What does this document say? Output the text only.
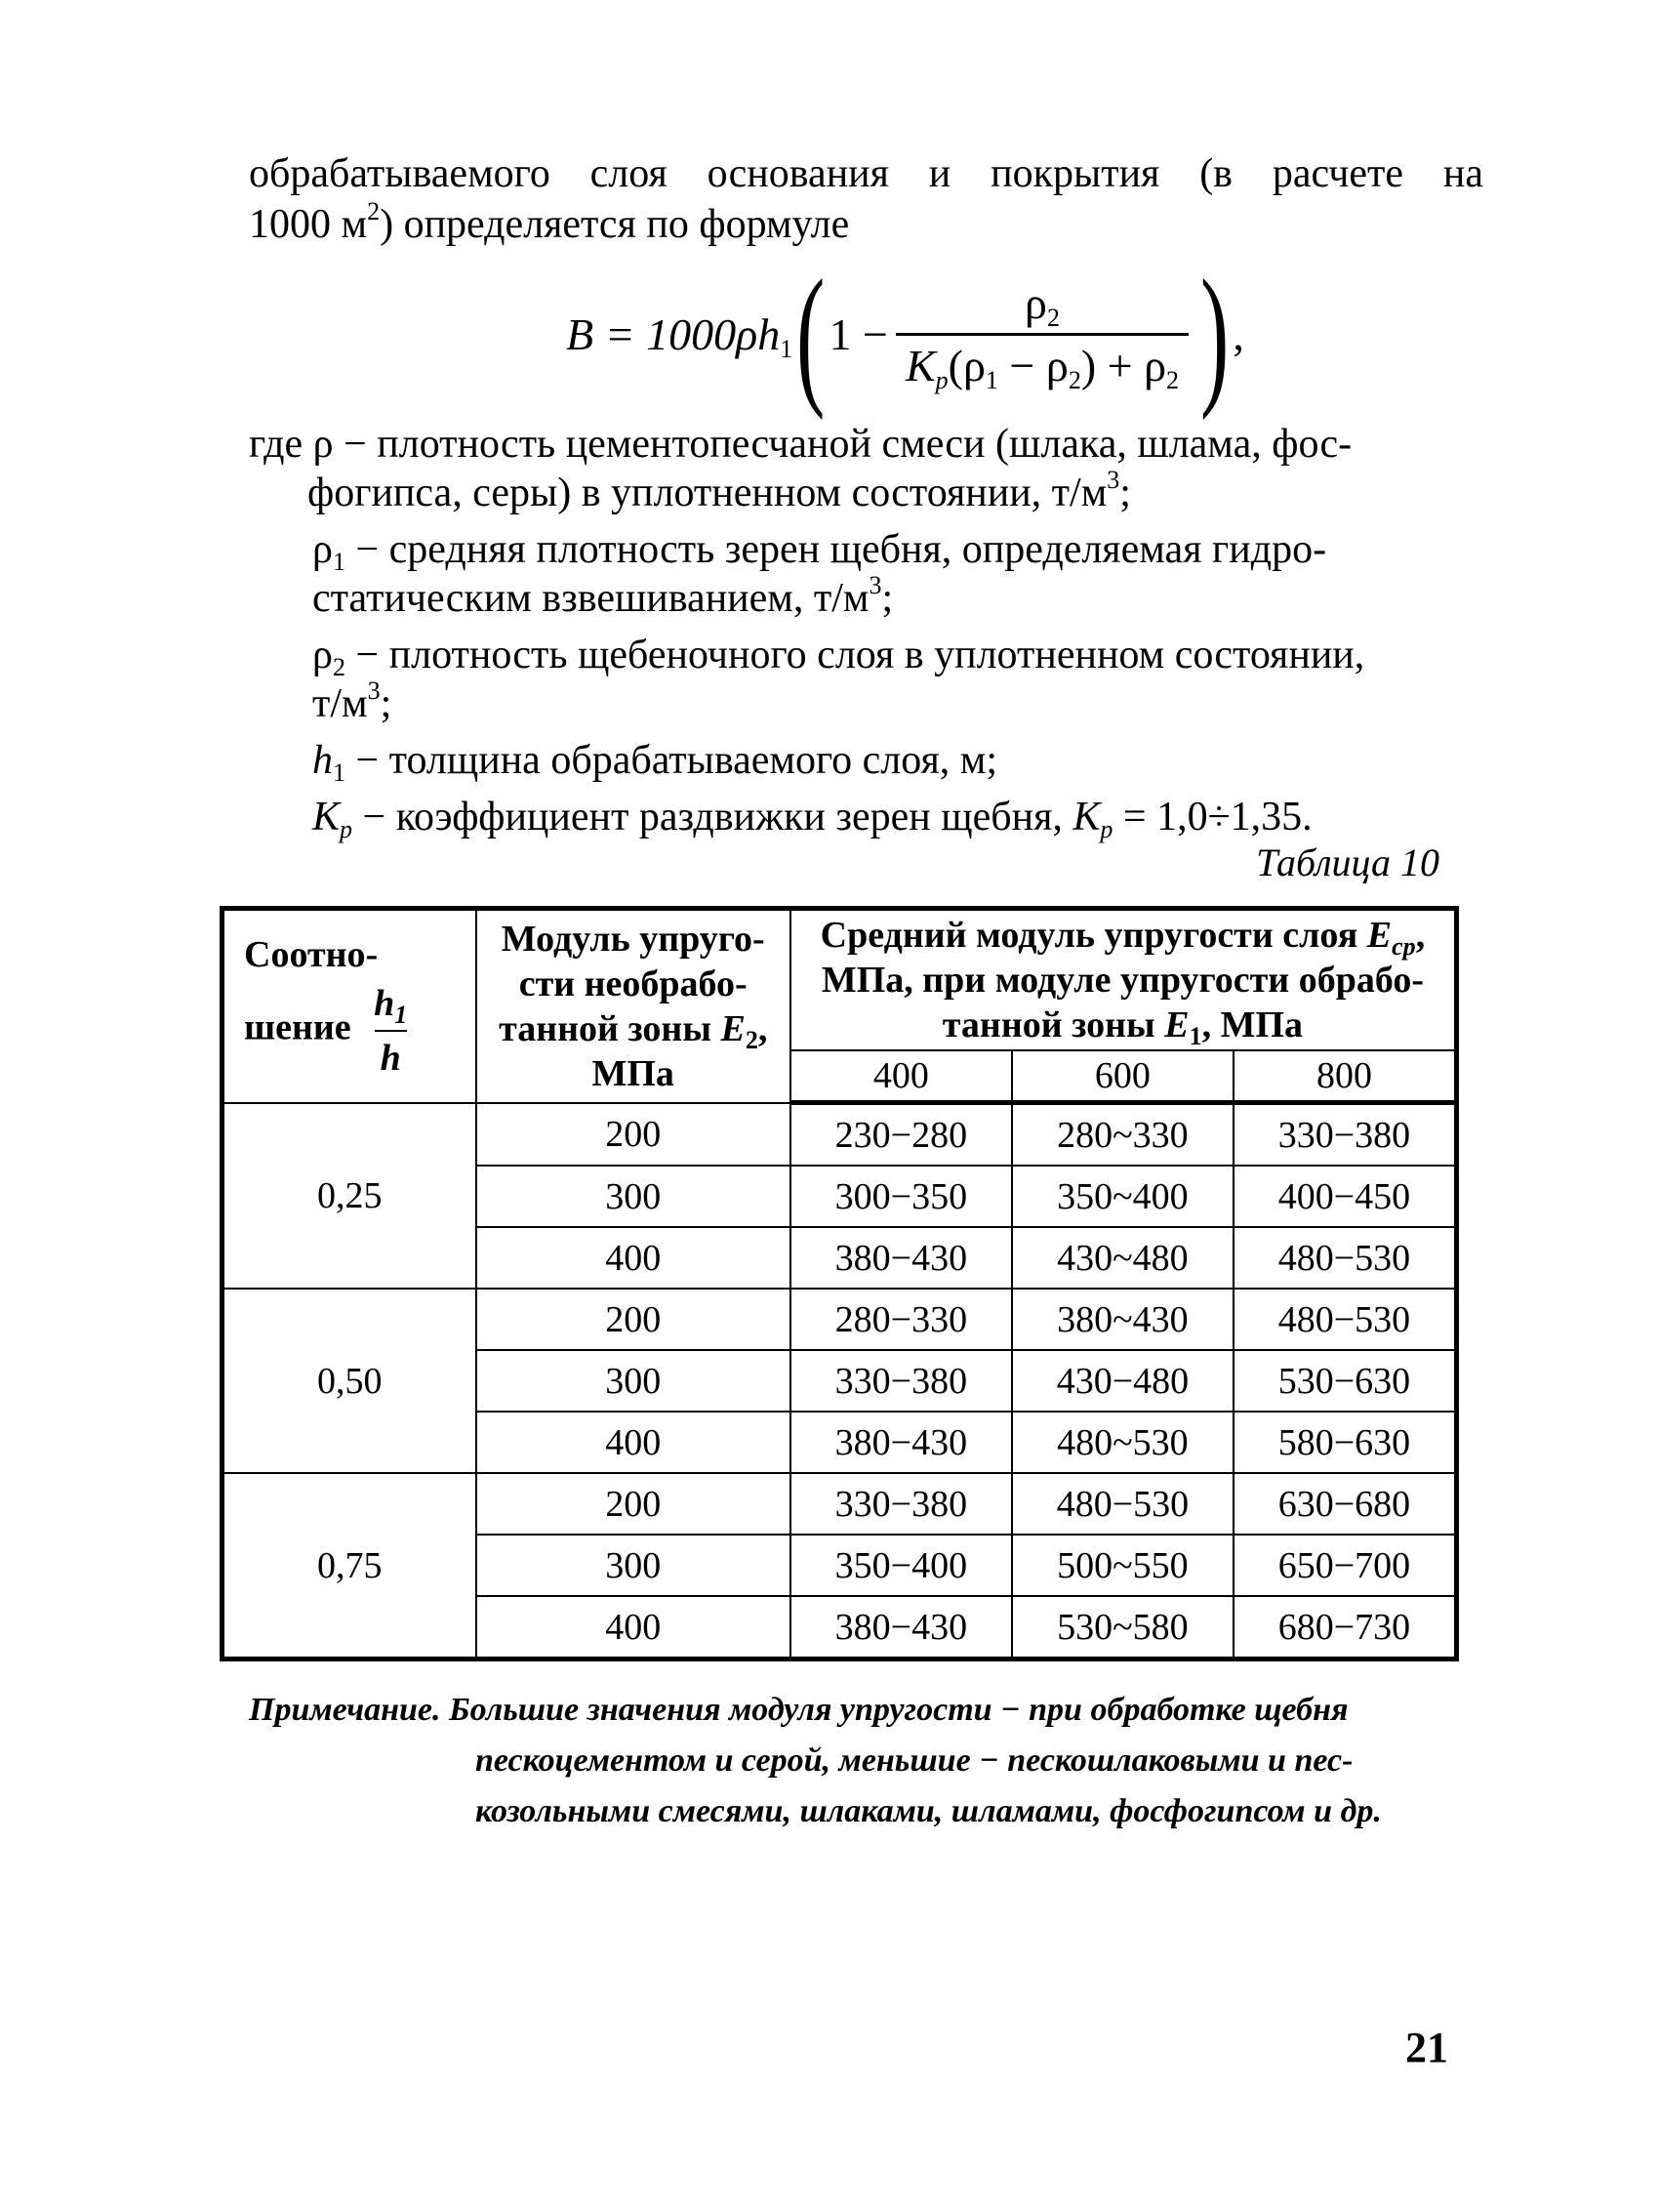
обрабатываемого слоя основания и покрытия (в расчете на
1000 $м^2$) определяется по формуле
$B = 1000\rho h_1$ ( $1 - \frac{\rho_2}{K_p(\rho_1 - \rho_2) + \rho_2}$ ) ,
где ρ − плотность цементопесчаной смеси (шлака, шлама, фос-
фогипса, серы) в уплотненном состоянии, $т/м^3$;
$\rho_1$ − средняя плотность зерен щебня, определяемая гидро-
статическим взвешиванием, $т/м^3$;
$\rho_2$ − плотность щебеночного слоя в уплотненном состоянии,
$т/м^3$;
$h_1$ − толщина обрабатываемого слоя, м;
$K_p$ − коэффициент раздвижки зерен щебня, $K_p = 1,0\div 1,35$.
Таблица 10
Соотно-
шение $\frac{h_1}{h}$	Модуль упруго-
сти необрабо-
танной зоны $E_2$,
МПа	Средний модуль упругости слоя $E_{ср}$,
МПа, при модуле упругости обрабо-
танной зоны $E_1$, МПа		
		400	600	800
0,25	200	230−280	280~330	330−380
	300	300−350	350~400	400−450
	400	380−430	430~480	480−530
0,50	200	280−330	380~430	480−530
	300	330−380	430−480	530−630
	400	380−430	480~530	580−630
0,75	200	330−380	480−530	630−680
	300	350−400	500~550	650−700
	400	380−430	530~580	680−730
Примечание. Большие значения модуля упругости − при обработке щебня
пескоцементом и серой, меньшие − пескошлаковыми и пес-
козольными смесями, шлаками, шламами, фосфогипсом и др.
21
